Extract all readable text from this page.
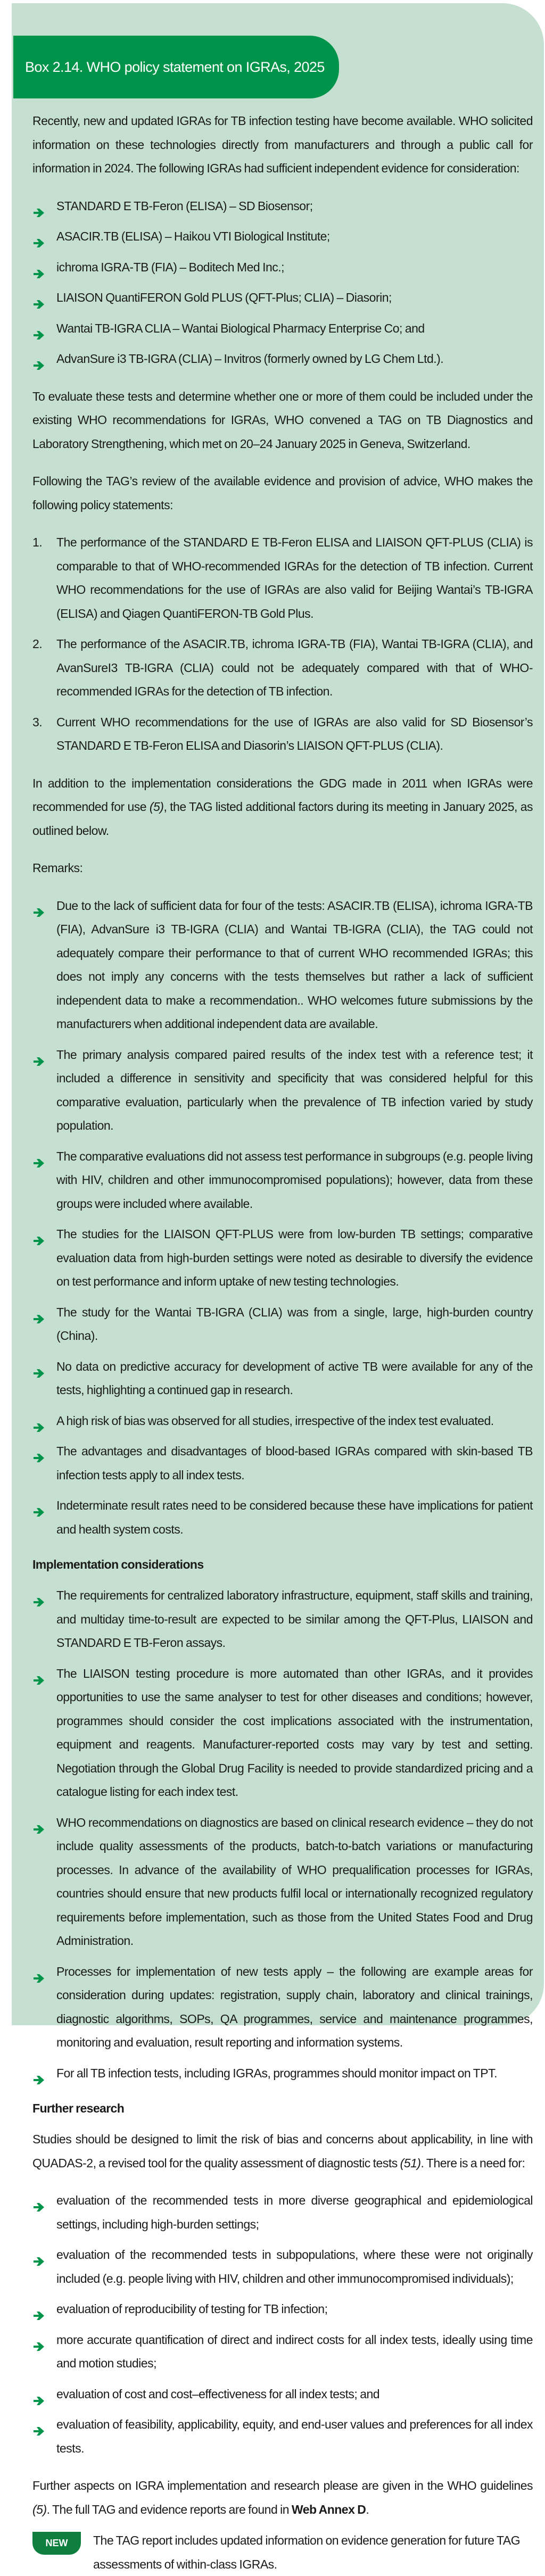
Box 2.14. WHO policy statement on IGRAs, 2025

Recently, new and updated IGRAs for TB infection testing have become available. WHO solicited information on these technologies directly from manufacturers and through a public call for information in 2024. The following IGRAs had sufficient independent evidence for consideration:

STANDARD E TB-Feron (ELISA) – SD Biosensor;
ASACIR.TB (ELISA) – Haikou VTI Biological Institute;
ichroma IGRA-TB (FIA) – Boditech Med Inc.;
LIAISON QuantiFERON Gold PLUS (QFT-Plus; CLIA) – Diasorin;
Wantai TB-IGRA CLIA – Wantai Biological Pharmacy Enterprise Co; and
AdvanSure i3 TB-IGRA (CLIA) – Invitros (formerly owned by LG Chem Ltd.).

To evaluate these tests and determine whether one or more of them could be included under the existing WHO recommendations for IGRAs, WHO convened a TAG on TB Diagnostics and Laboratory Strengthening, which met on 20–24 January 2025 in Geneva, Switzerland.

Following the TAG’s review of the available evidence and provision of advice, WHO makes the following policy statements:

1. The performance of the STANDARD E TB-Feron ELISA and LIAISON QFT-PLUS (CLIA) is comparable to that of WHO-recommended IGRAs for the detection of TB infection. Current WHO recommendations for the use of IGRAs are also valid for Beijing Wantai’s TB-IGRA (ELISA) and Qiagen QuantiFERON-TB Gold Plus.
2. The performance of the ASACIR.TB, ichroma IGRA-TB (FIA), Wantai TB-IGRA (CLIA), and AvanSureI3 TB-IGRA (CLIA) could not be adequately compared with that of WHO-recommended IGRAs for the detection of TB infection.
3. Current WHO recommendations for the use of IGRAs are also valid for SD Biosensor’s STANDARD E TB-Feron ELISA and Diasorin’s LIAISON QFT-PLUS (CLIA).

In addition to the implementation considerations the GDG made in 2011 when IGRAs were recommended for use (5), the TAG listed additional factors during its meeting in January 2025, as outlined below.

Remarks:

Due to the lack of sufficient data for four of the tests: ASACIR.TB (ELISA), ichroma IGRA-TB (FIA), AdvanSure i3 TB-IGRA (CLIA) and Wantai TB-IGRA (CLIA), the TAG could not adequately compare their performance to that of current WHO recommended IGRAs; this does not imply any concerns with the tests themselves but rather a lack of sufficient independent data to make a recommendation.. WHO welcomes future submissions by the manufacturers when additional independent data are available.
The primary analysis compared paired results of the index test with a reference test; it included a difference in sensitivity and specificity that was considered helpful for this comparative evaluation, particularly when the prevalence of TB infection varied by study population.
The comparative evaluations did not assess test performance in subgroups (e.g. people living with HIV, children and other immunocompromised populations); however, data from these groups were included where available.
The studies for the LIAISON QFT-PLUS were from low-burden TB settings; comparative evaluation data from high-burden settings were noted as desirable to diversify the evidence on test performance and inform uptake of new testing technologies.
The study for the Wantai TB-IGRA (CLIA) was from a single, large, high-burden country (China).
No data on predictive accuracy for development of active TB were available for any of the tests, highlighting a continued gap in research.
A high risk of bias was observed for all studies, irrespective of the index test evaluated.
The advantages and disadvantages of blood-based IGRAs compared with skin-based TB infection tests apply to all index tests.
Indeterminate result rates need to be considered because these have implications for patient and health system costs.
Implementation considerations
The requirements for centralized laboratory infrastructure, equipment, staff skills and training, and multiday time-to-result are expected to be similar among the QFT-Plus, LIAISON and STANDARD E TB-Feron assays.
The LIAISON testing procedure is more automated than other IGRAs, and it provides opportunities to use the same analyser to test for other diseases and conditions; however, programmes should consider the cost implications associated with the instrumentation, equipment and reagents. Manufacturer-reported costs may vary by test and setting. Negotiation through the Global Drug Facility is needed to provide standardized pricing and a catalogue listing for each index test.
WHO recommendations on diagnostics are based on clinical research evidence – they do not include quality assessments of the products, batch-to-batch variations or manufacturing processes. In advance of the availability of WHO prequalification processes for IGRAs, countries should ensure that new products fulfil local or internationally recognized regulatory requirements before implementation, such as those from the United States Food and Drug Administration.
Processes for implementation of new tests apply – the following are example areas for consideration during updates: registration, supply chain, laboratory and clinical trainings, diagnostic algorithms, SOPs, QA programmes, service and maintenance programmes, monitoring and evaluation, result reporting and information systems.
For all TB infection tests, including IGRAs, programmes should monitor impact on TPT.
Further research

Studies should be designed to limit the risk of bias and concerns about applicability, in line with QUADAS-2, a revised tool for the quality assessment of diagnostic tests (51). There is a need for:

evaluation of the recommended tests in more diverse geographical and epidemiological settings, including high-burden settings;
evaluation of the recommended tests in subpopulations, where these were not originally included (e.g. people living with HIV, children and other immunocompromised individuals);
evaluation of reproducibility of testing for TB infection;
more accurate quantification of direct and indirect costs for all index tests, ideally using time and motion studies;
evaluation of cost and cost–effectiveness for all index tests; and
evaluation of feasibility, applicability, equity, and end-user values and preferences for all index tests.

Further aspects on IGRA implementation and research please are given in the WHO guidelines (5). The full TAG and evidence reports are found in Web Annex D.

NEW	The TAG report includes updated information on evidence generation for future TAG assessments of within-class IGRAs.
